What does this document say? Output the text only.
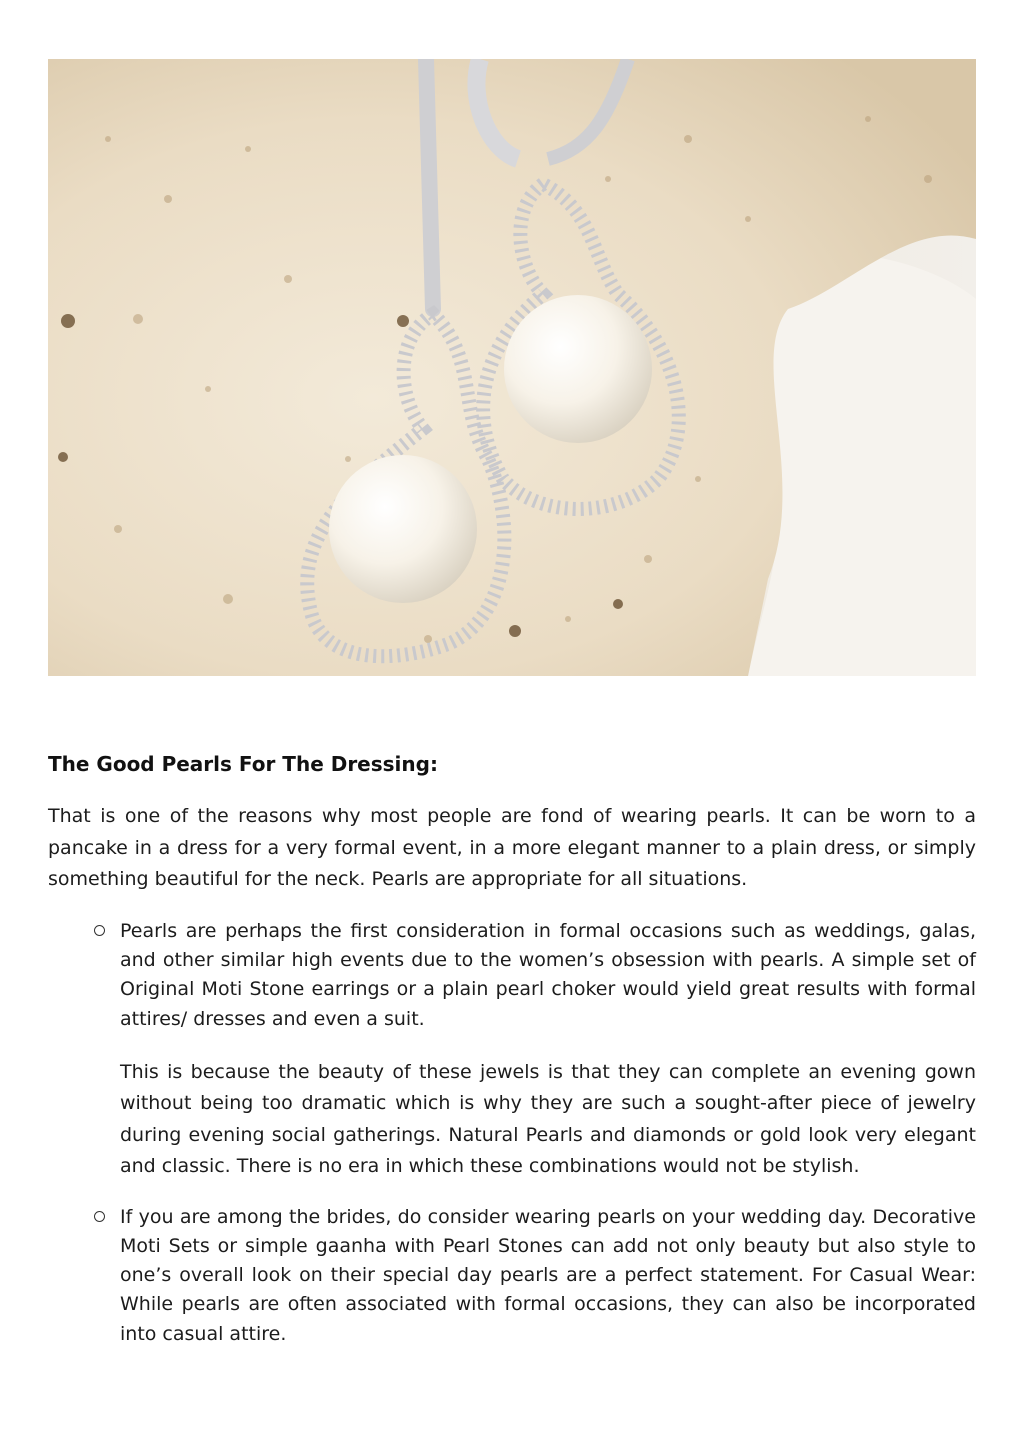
The Good Pearls For The Dressing:

That is one of the reasons why most people are fond of wearing pearls. It can be worn to a pancake in a dress for a very formal event, in a more elegant manner to a plain dress, or simply something beautiful for the neck. Pearls are appropriate for all situations.

Pearls are perhaps the first consideration in formal occasions such as weddings, galas, and other similar high events due to the women’s obsession with pearls. A simple set of Original Moti Stone earrings or a plain pearl choker would yield great results with formal attires/ dresses and even a suit.

This is because the beauty of these jewels is that they can complete an evening gown without being too dramatic which is why they are such a sought-after piece of jewelry during evening social gatherings. Natural Pearls and diamonds or gold look very elegant and classic. There is no era in which these combinations would not be stylish.

If you are among the brides, do consider wearing pearls on your wedding day. Decorative Moti Sets or simple gaanha with Pearl Stones can add not only beauty but also style to one’s overall look on their special day pearls are a perfect statement. For Casual Wear: While pearls are often associated with formal occasions, they can also be incorporated into casual attire.
